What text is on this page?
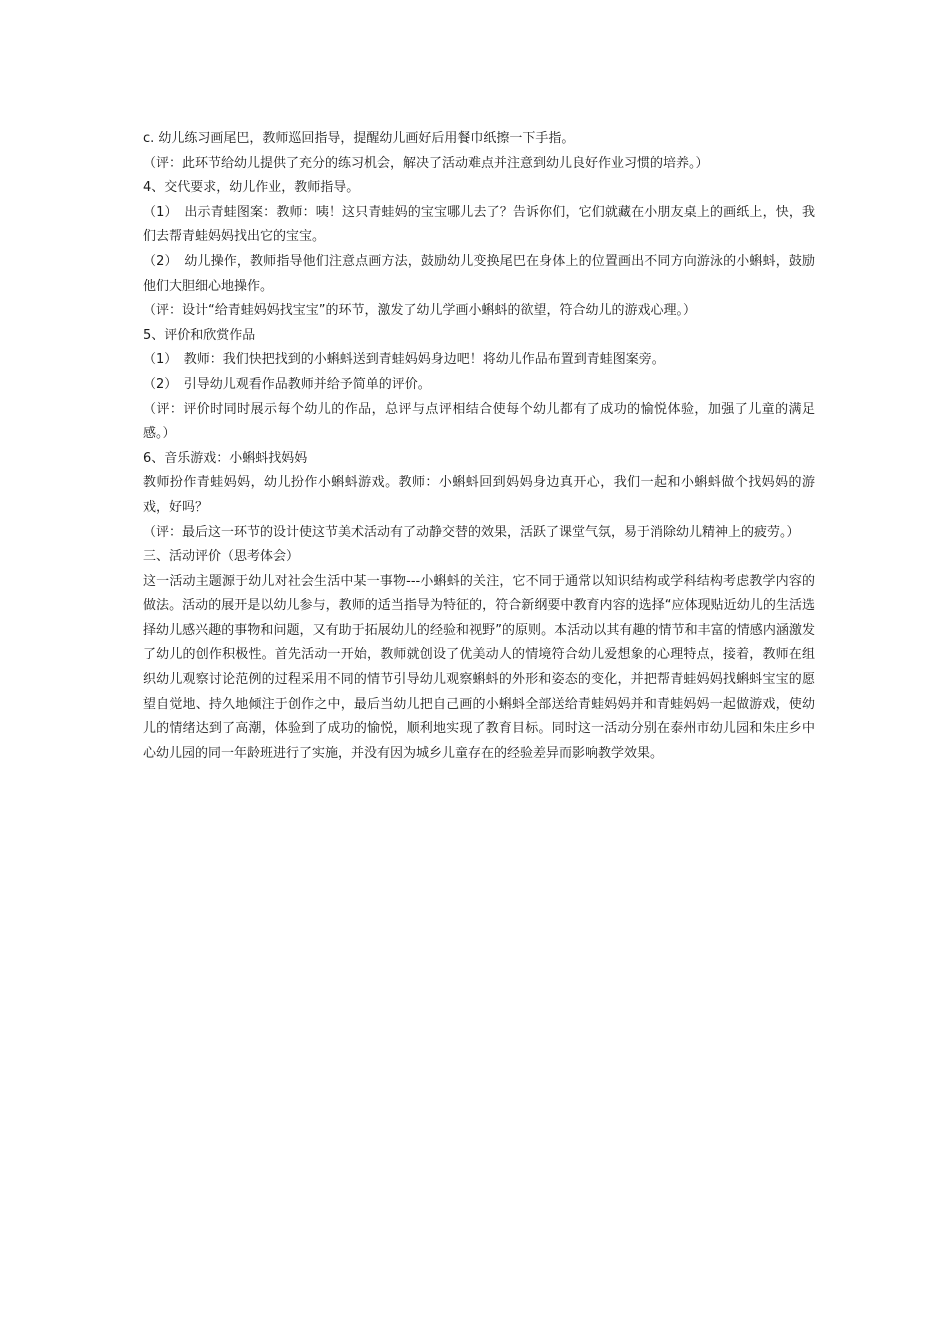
c. 幼儿练习画尾巴，教师巡回指导，提醒幼儿画好后用餐巾纸擦一下手指。

（评：此环节给幼儿提供了充分的练习机会，解决了活动难点并注意到幼儿良好作业习惯的培养。）

4、交代要求，幼儿作业，教师指导。

（1）　出示青蛙图案：教师：咦！这只青蛙妈的宝宝哪儿去了？告诉你们，它们就藏在小朋友桌上的画纸上，快，我们去帮青蛙妈妈找出它的宝宝。

（2）　幼儿操作，教师指导他们注意点画方法，鼓励幼儿变换尾巴在身体上的位置画出不同方向游泳的小蝌蚪，鼓励他们大胆细心地操作。

（评：设计“给青蛙妈妈找宝宝”的环节，激发了幼儿学画小蝌蚪的欲望，符合幼儿的游戏心理。）

5、评价和欣赏作品

（1）　教师：我们快把找到的小蝌蚪送到青蛙妈妈身边吧！将幼儿作品布置到青蛙图案旁。

（2）　引导幼儿观看作品教师并给予简单的评价。

（评：评价时同时展示每个幼儿的作品，总评与点评相结合使每个幼儿都有了成功的愉悦体验，加强了儿童的满足感。）

6、音乐游戏：小蝌蚪找妈妈

教师扮作青蛙妈妈，幼儿扮作小蝌蚪游戏。教师：小蝌蚪回到妈妈身边真开心，我们一起和小蝌蚪做个找妈妈的游戏，好吗？

（评：最后这一环节的设计使这节美术活动有了动静交替的效果，活跃了课堂气氛，易于消除幼儿精神上的疲劳。）

三、活动评价（思考体会）

这一活动主题源于幼儿对社会生活中某一事物---小蝌蚪的关注，它不同于通常以知识结构或学科结构考虑教学内容的做法。活动的展开是以幼儿参与，教师的适当指导为特征的，符合新纲要中教育内容的选择“应体现贴近幼儿的生活选择幼儿感兴趣的事物和问题，又有助于拓展幼儿的经验和视野”的原则。本活动以其有趣的情节和丰富的情感内涵激发了幼儿的创作积极性。首先活动一开始，教师就创设了优美动人的情境符合幼儿爱想象的心理特点，接着，教师在组织幼儿观察讨论范例的过程采用不同的情节引导幼儿观察蝌蚪的外形和姿态的变化，并把帮青蛙妈妈找蝌蚪宝宝的愿望自觉地、持久地倾注于创作之中，最后当幼儿把自己画的小蝌蚪全部送给青蛙妈妈并和青蛙妈妈一起做游戏，使幼儿的情绪达到了高潮，体验到了成功的愉悦，顺利地实现了教育目标。同时这一活动分别在泰州市幼儿园和朱庄乡中心幼儿园的同一年龄班进行了实施，并没有因为城乡儿童存在的经验差异而影响教学效果。
